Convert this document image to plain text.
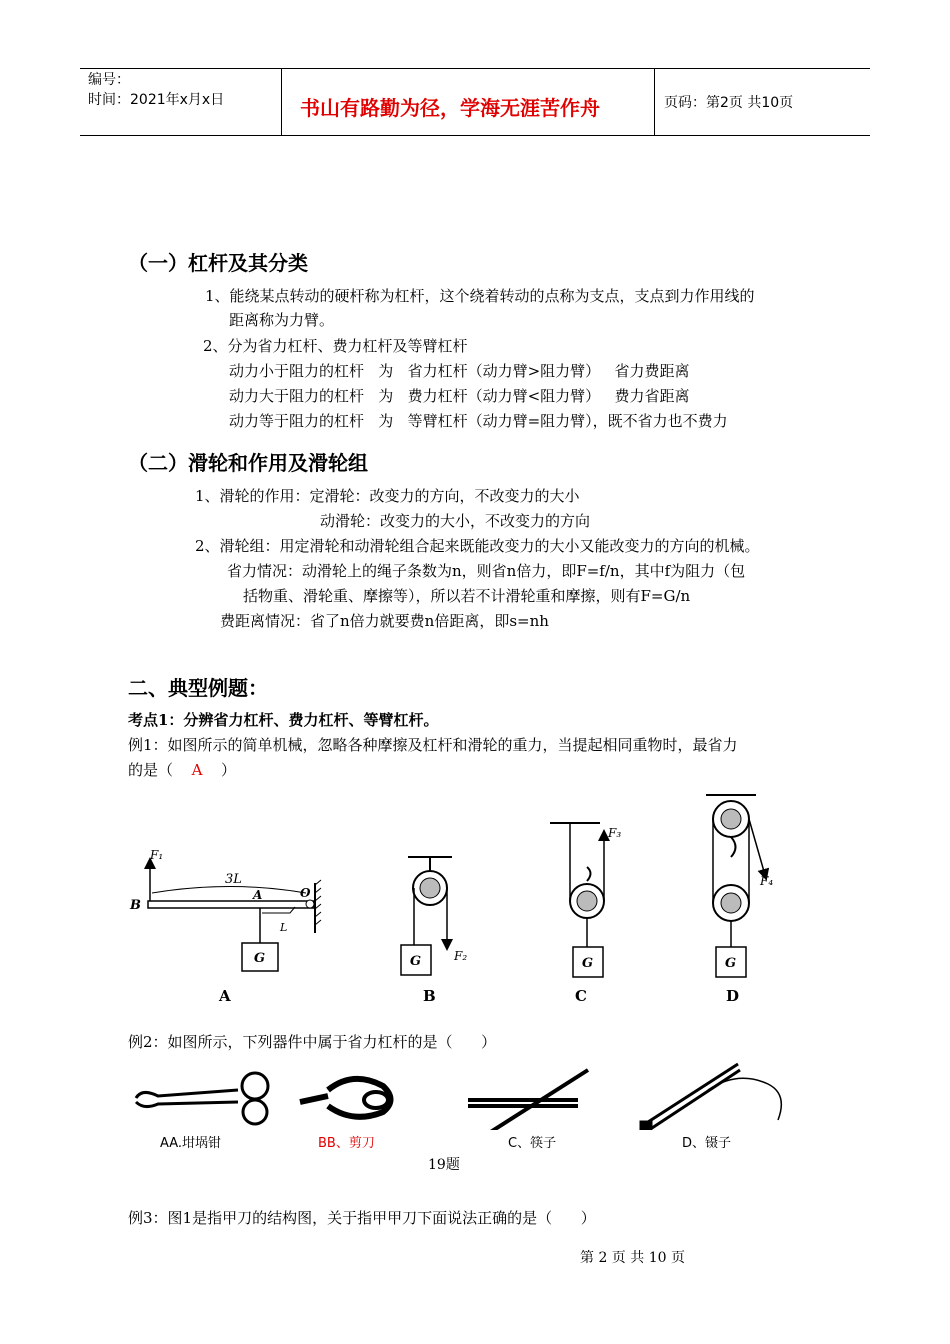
编号：
时间：2021年x月x日	书山有路勤为径，学海无涯苦作舟	页码：第2页 共10页
（一）杠杆及其分类
1、能绕某点转动的硬杆称为杠杆，这个绕着转动的点称为支点，支点到力作用线的
距离称为力臂。
2、分为省力杠杆、费力杠杆及等臂杠杆
动力小于阻力的杠杆   为   省力杠杆（动力臂>阻力臂）   省力费距离
动力大于阻力的杠杆   为   费力杠杆（动力臂<阻力臂）   费力省距离
动力等于阻力的杠杆   为   等臂杠杆（动力臂=阻力臂），既不省力也不费力
（二）滑轮和作用及滑轮组
1、滑轮的作用：定滑轮：改变力的方向，不改变力的大小
动滑轮：改变力的大小，不改变力的方向
2、滑轮组：用定滑轮和动滑轮组合起来既能改变力的大小又能改变力的方向的机械。
省力情况：动滑轮上的绳子条数为n，则省n倍力，即F=f/n，其中f为阻力（包
括物重、滑轮重、摩擦等），所以若不计滑轮重和摩擦，则有F=G/n
费距离情况：省了n倍力就要费n倍距离，即s=nh
二、典型例题：
考点1：分辨省力杠杆、费力杠杆、等臂杠杆。
例1：如图所示的简单机械，忽略各种摩擦及杠杆和滑轮的重力，当提起相同重物时，最省力
的是（ A ）
F₁
3L
B
A	O
L
G
A
F₂
G
B
F₃
G
C
F₄
G
D
例2：如图所示，下列器件中属于省力杠杆的是（      ）
AA.坩埚钳	BB、剪刀	C、筷子	D、镊子
19题
例3：图1是指甲刀的结构图，关于指甲甲刀下面说法正确的是（      ）
第 2 页 共 10 页
